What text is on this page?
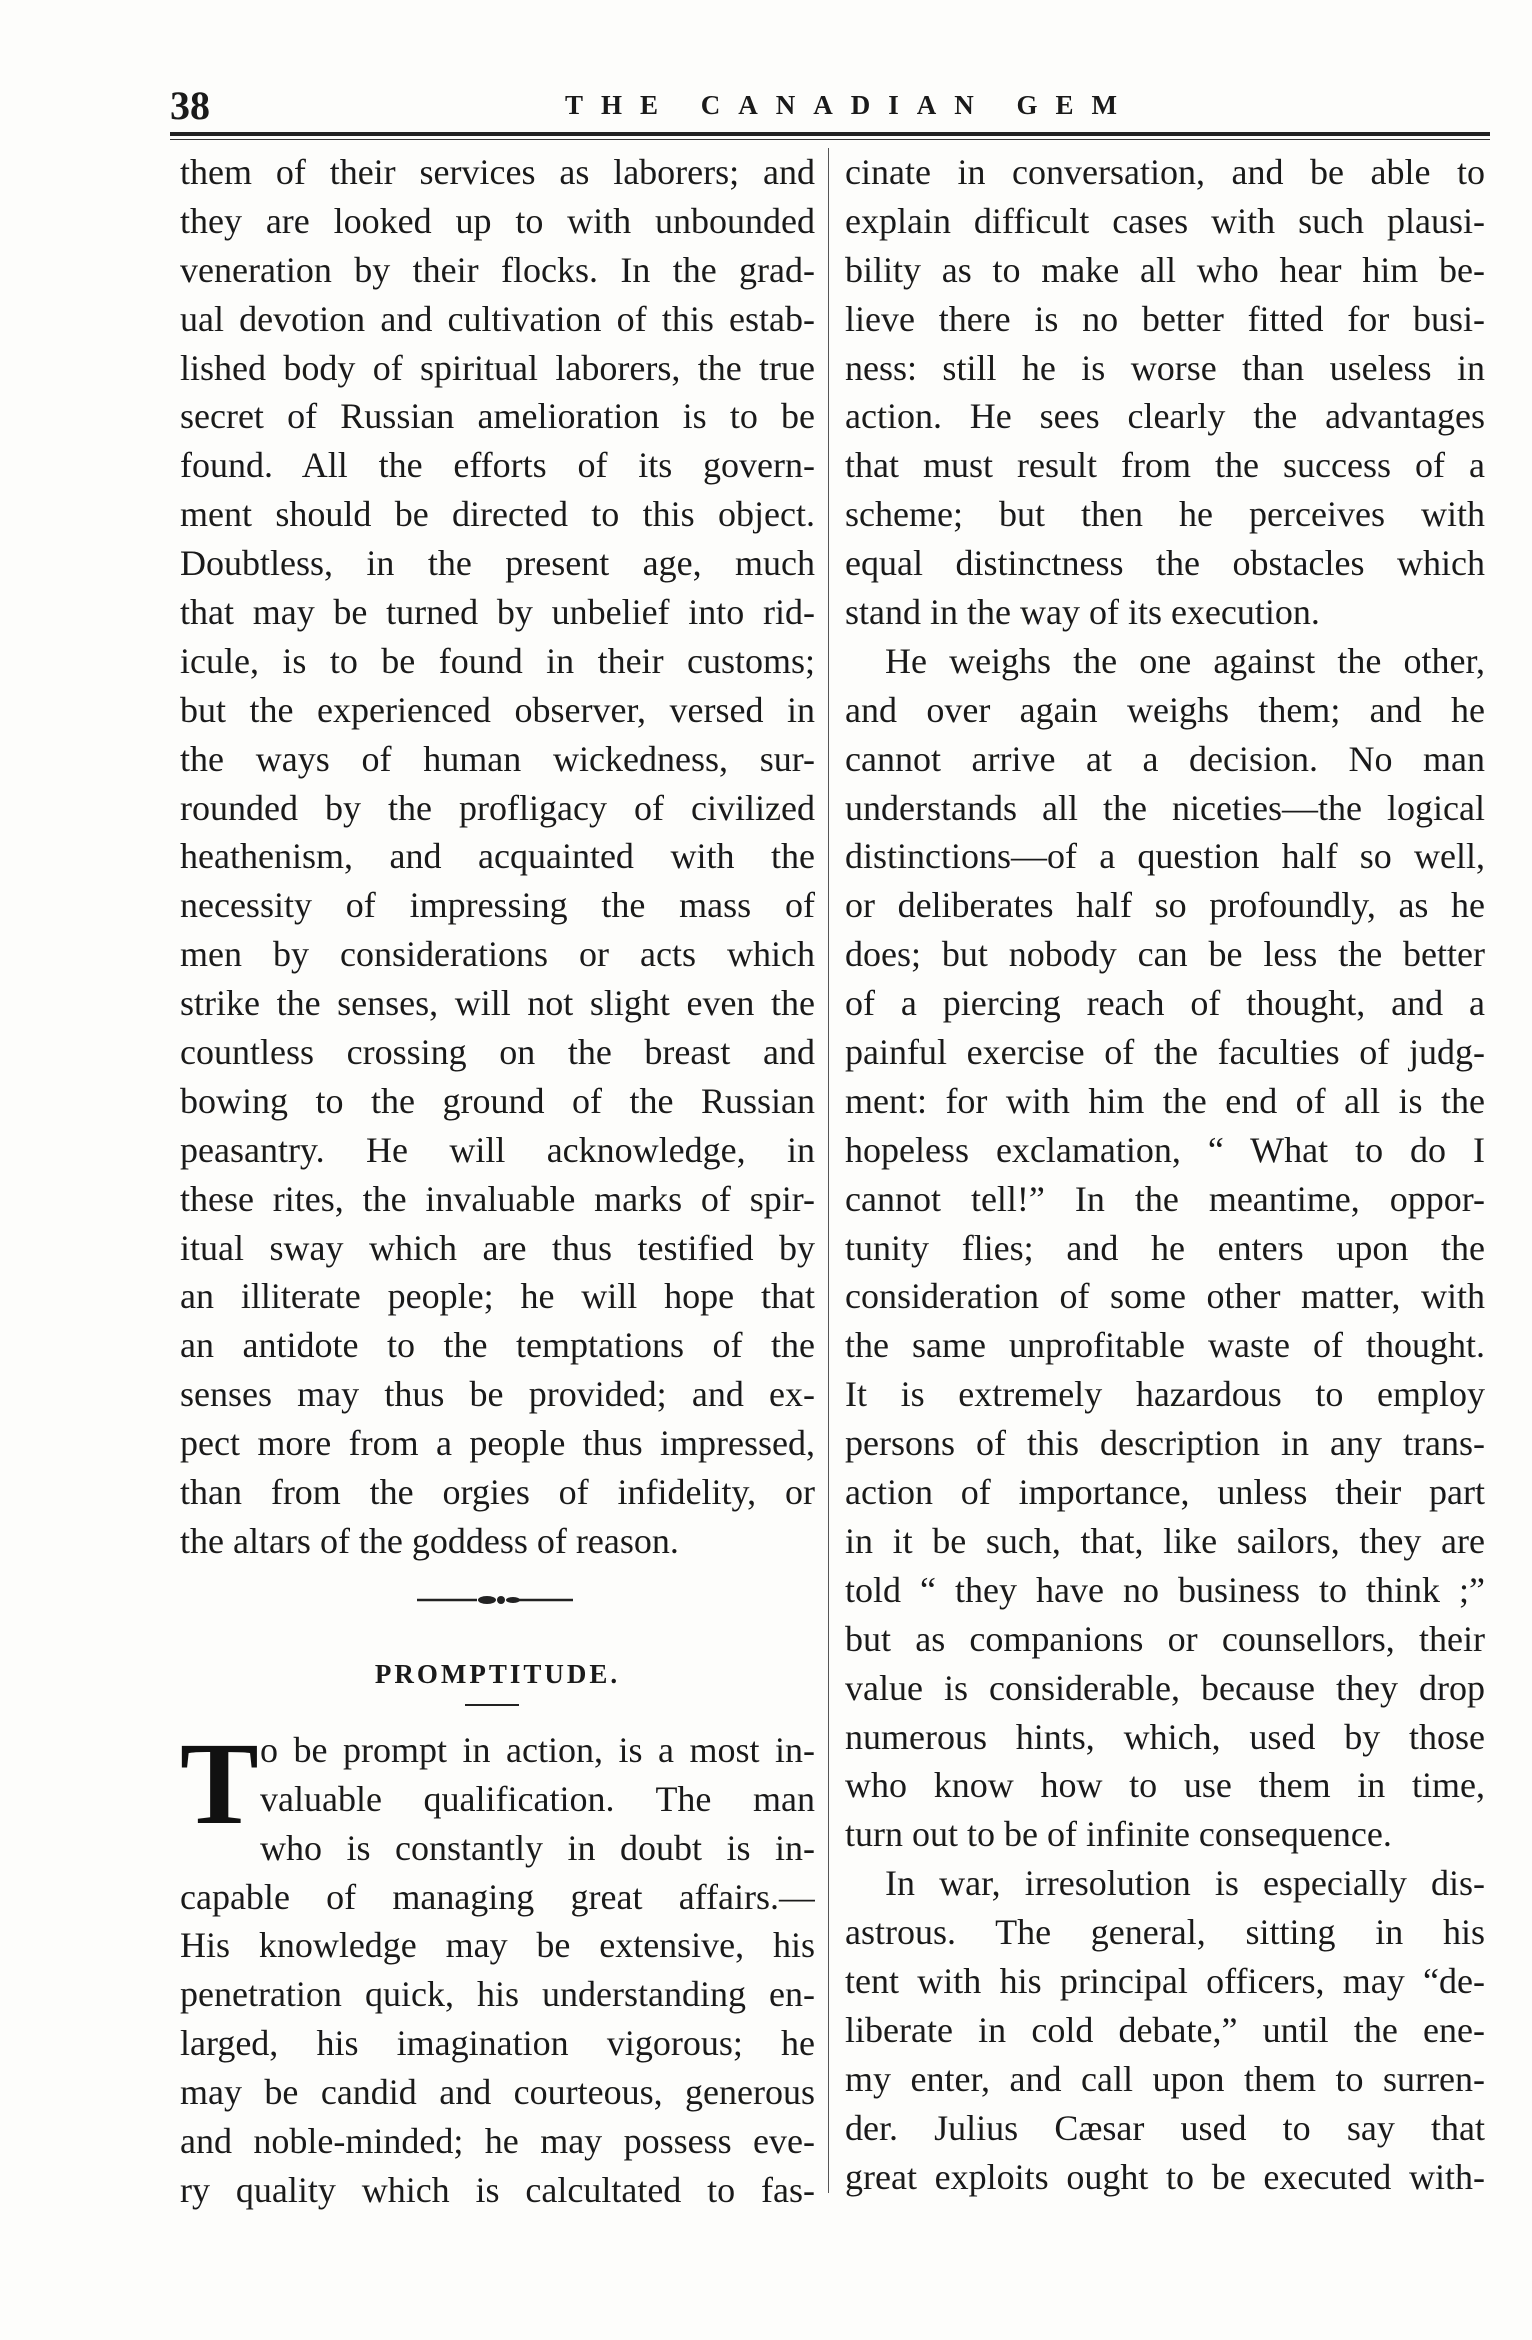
38	THE CANADIAN GEM
them of their services as laborers; and
they are looked up to with unbounded
veneration by their flocks. In the grad-
ual devotion and cultivation of this estab-
lished body of spiritual laborers, the true
secret of Russian amelioration is to be
found. All the efforts of its govern-
ment should be directed to this object.
Doubtless, in the present age, much
that may be turned by unbelief into rid-
icule, is to be found in their customs;
but the experienced observer, versed in
the ways of human wickedness, sur-
rounded by the profligacy of civilized
heathenism, and acquainted with the
necessity of impressing the mass of
men by considerations or acts which
strike the senses, will not slight even the
countless crossing on the breast and
bowing to the ground of the Russian
peasantry. He will acknowledge, in
these rites, the invaluable marks of spir-
itual sway which are thus testified by
an illiterate people; he will hope that
an antidote to the temptations of the
senses may thus be provided; and ex-
pect more from a people thus impressed,
than from the orgies of infidelity, or
the altars of the goddess of reason.
PROMPTITUDE.
T o be prompt in action, is a most in-
valuable qualification. The man
who is constantly in doubt is in-
capable of managing great affairs.—
His knowledge may be extensive, his
penetration quick, his understanding en-
larged, his imagination vigorous; he
may be candid and courteous, generous
and noble-minded; he may possess eve-
ry quality which is calcultated to fas-
cinate in conversation, and be able to
explain difficult cases with such plausi-
bility as to make all who hear him be-
lieve there is no better fitted for busi-
ness: still he is worse than useless in
action. He sees clearly the advantages
that must result from the success of a
scheme; but then he perceives with
equal distinctness the obstacles which
stand in the way of its execution.
He weighs the one against the other,
and over again weighs them; and he
cannot arrive at a decision. No man
understands all the niceties—the logical
distinctions—of a question half so well,
or deliberates half so profoundly, as he
does; but nobody can be less the better
of a piercing reach of thought, and a
painful exercise of the faculties of judg-
ment: for with him the end of all is the
hopeless exclamation, “ What to do I
cannot tell!” In the meantime, oppor-
tunity flies; and he enters upon the
consideration of some other matter, with
the same unprofitable waste of thought.
It is extremely hazardous to employ
persons of this description in any trans-
action of importance, unless their part
in it be such, that, like sailors, they are
told “ they have no business to think ;”
but as companions or counsellors, their
value is considerable, because they drop
numerous hints, which, used by those
who know how to use them in time,
turn out to be of infinite consequence.
In war, irresolution is especially dis-
astrous. The general, sitting in his
tent with his principal officers, may “de-
liberate in cold debate,” until the ene-
my enter, and call upon them to surren-
der. Julius Cæsar used to say that
great exploits ought to be executed with-
